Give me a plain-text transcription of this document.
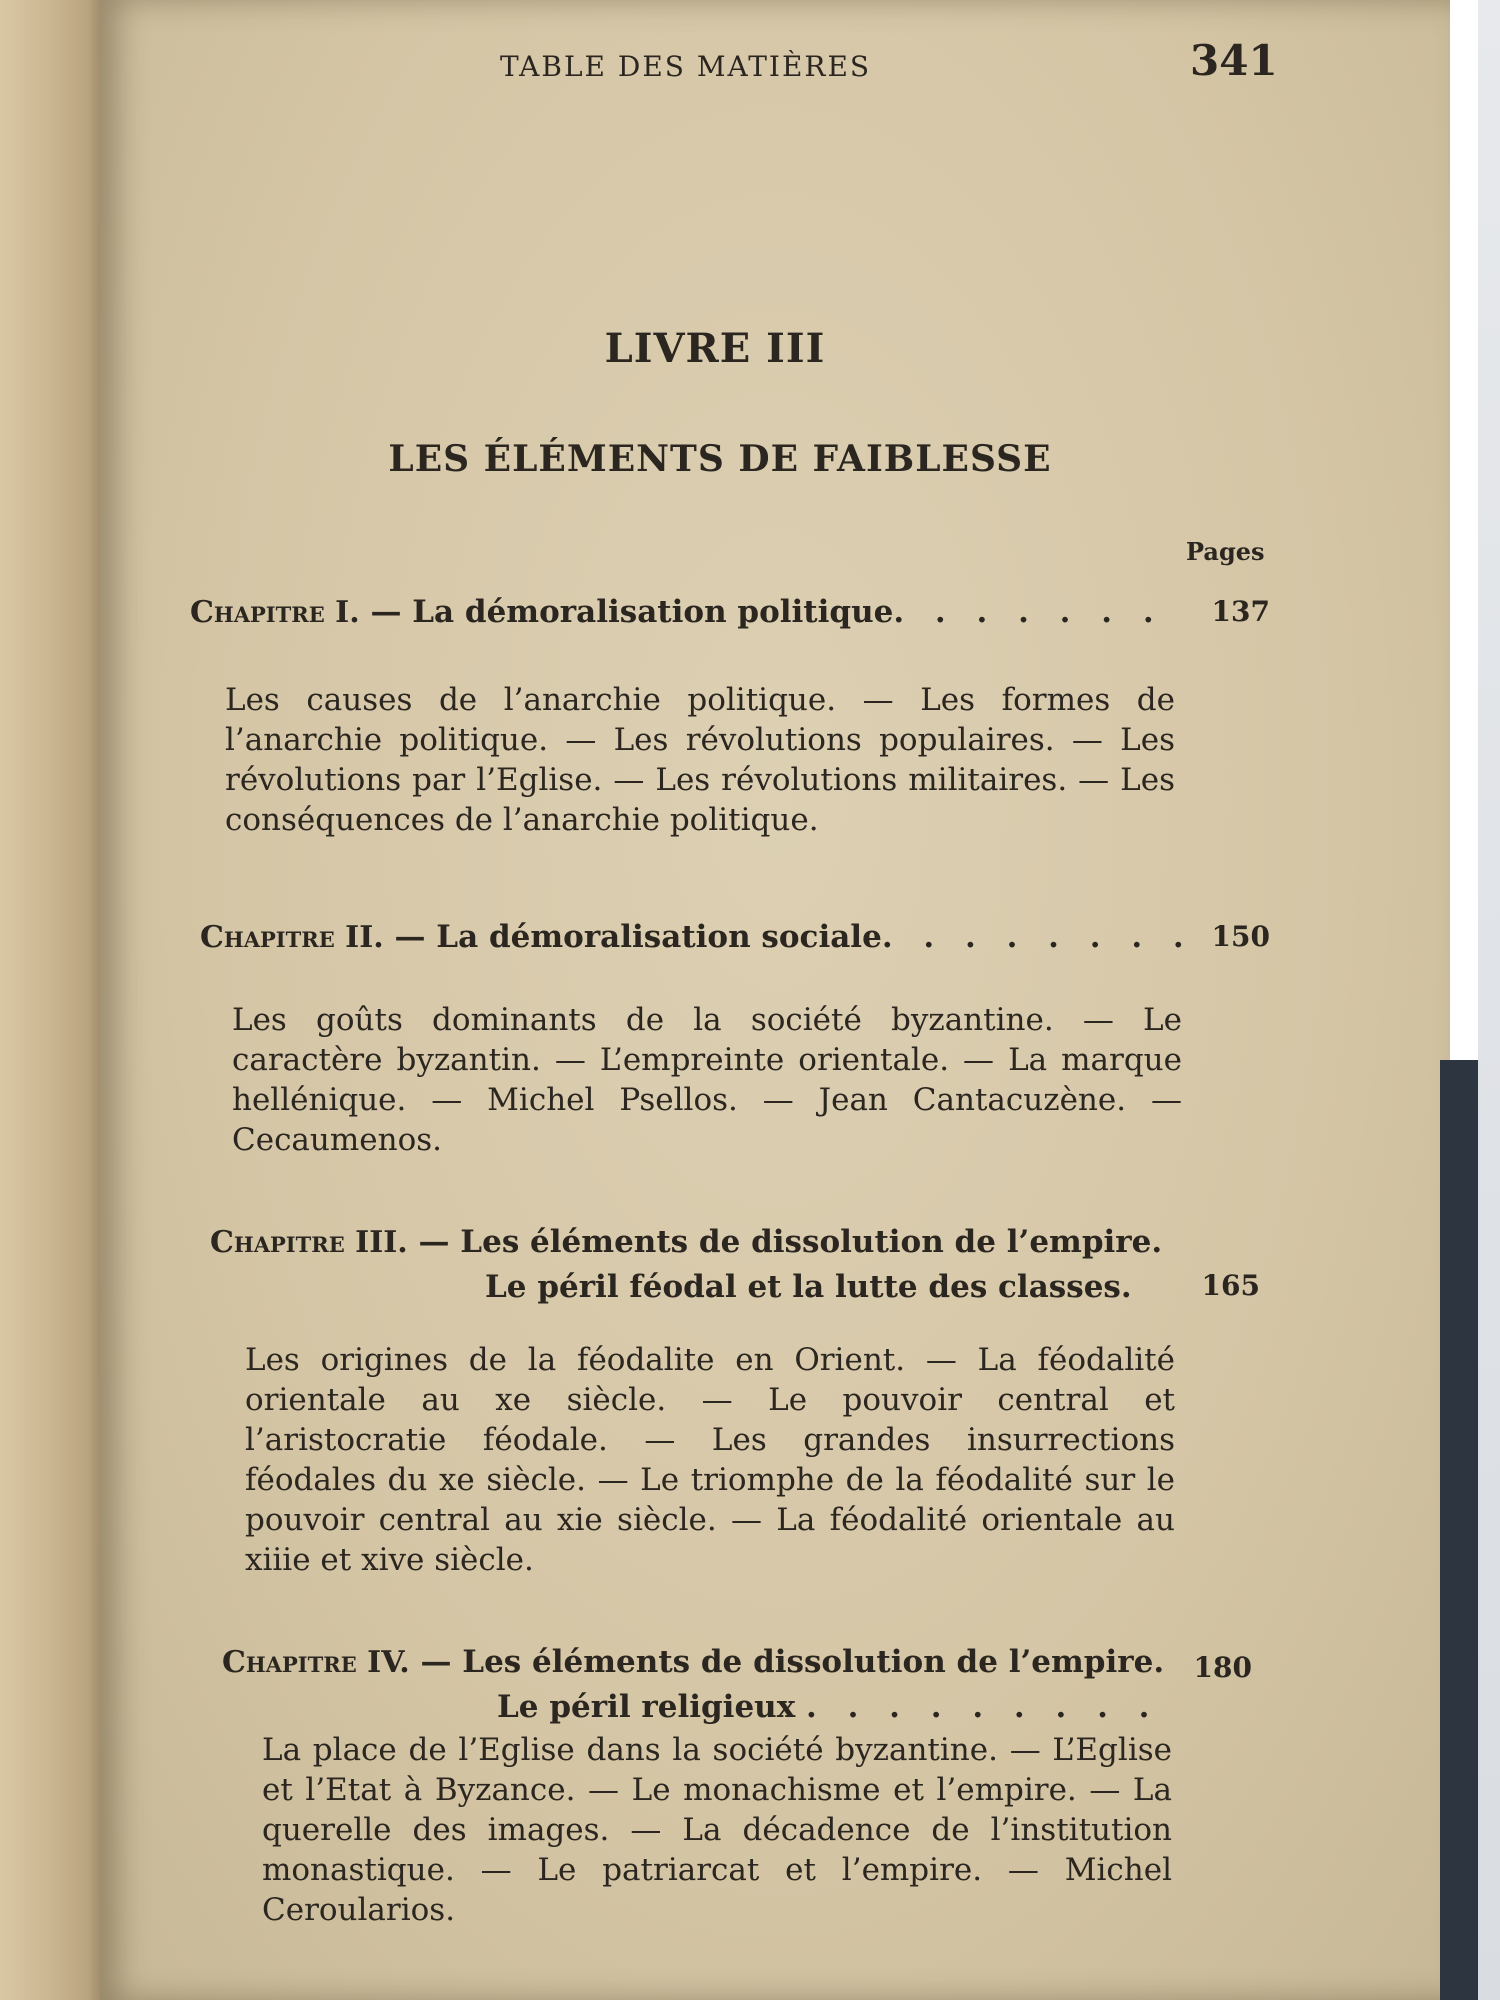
TABLE DES MATIÈRES	341
LIVRE III
LES ÉLÉMENTS DE FAIBLESSE
Pages
Chapitre I. — La démoralisation politique. . . . . . . 137
Les causes de l’anarchie politique. — Les formes de l’anarchie politique. — Les révolutions populaires. — Les révolutions par l’Eglise. — Les révolutions militaires. — Les conséquences de l’anarchie politique.
Chapitre II. — La démoralisation sociale. . . . . . . . 150
Les goûts dominants de la société byzantine. — Le caractère byzantin. — L’empreinte orientale. — La marque hellénique. — Michel Psellos. — Jean Cantacuzène. — Cecaumenos.
Chapitre III. — Les éléments de dissolution de l’empire.
Le péril féodal et la lutte des classes.	165
Les origines de la féodalite en Orient. — La féodalité orientale au xe siècle. — Le pouvoir central et l’aristocratie féodale. — Les grandes insurrections féodales du xe siècle. — Le triomphe de la féodalité sur le pouvoir central au xie siècle. — La féodalité orientale au xiiie et xive siècle.
Chapitre IV. — Les éléments de dissolution de l’empire.
Le péril religieux . . . . . . . . .
180
La place de l’Eglise dans la société byzantine. — L’Eglise et l’Etat à Byzance. — Le monachisme et l’empire. — La querelle des images. — La décadence de l’institution monastique. — Le patriarcat et l’empire. — Michel Ceroularios.
